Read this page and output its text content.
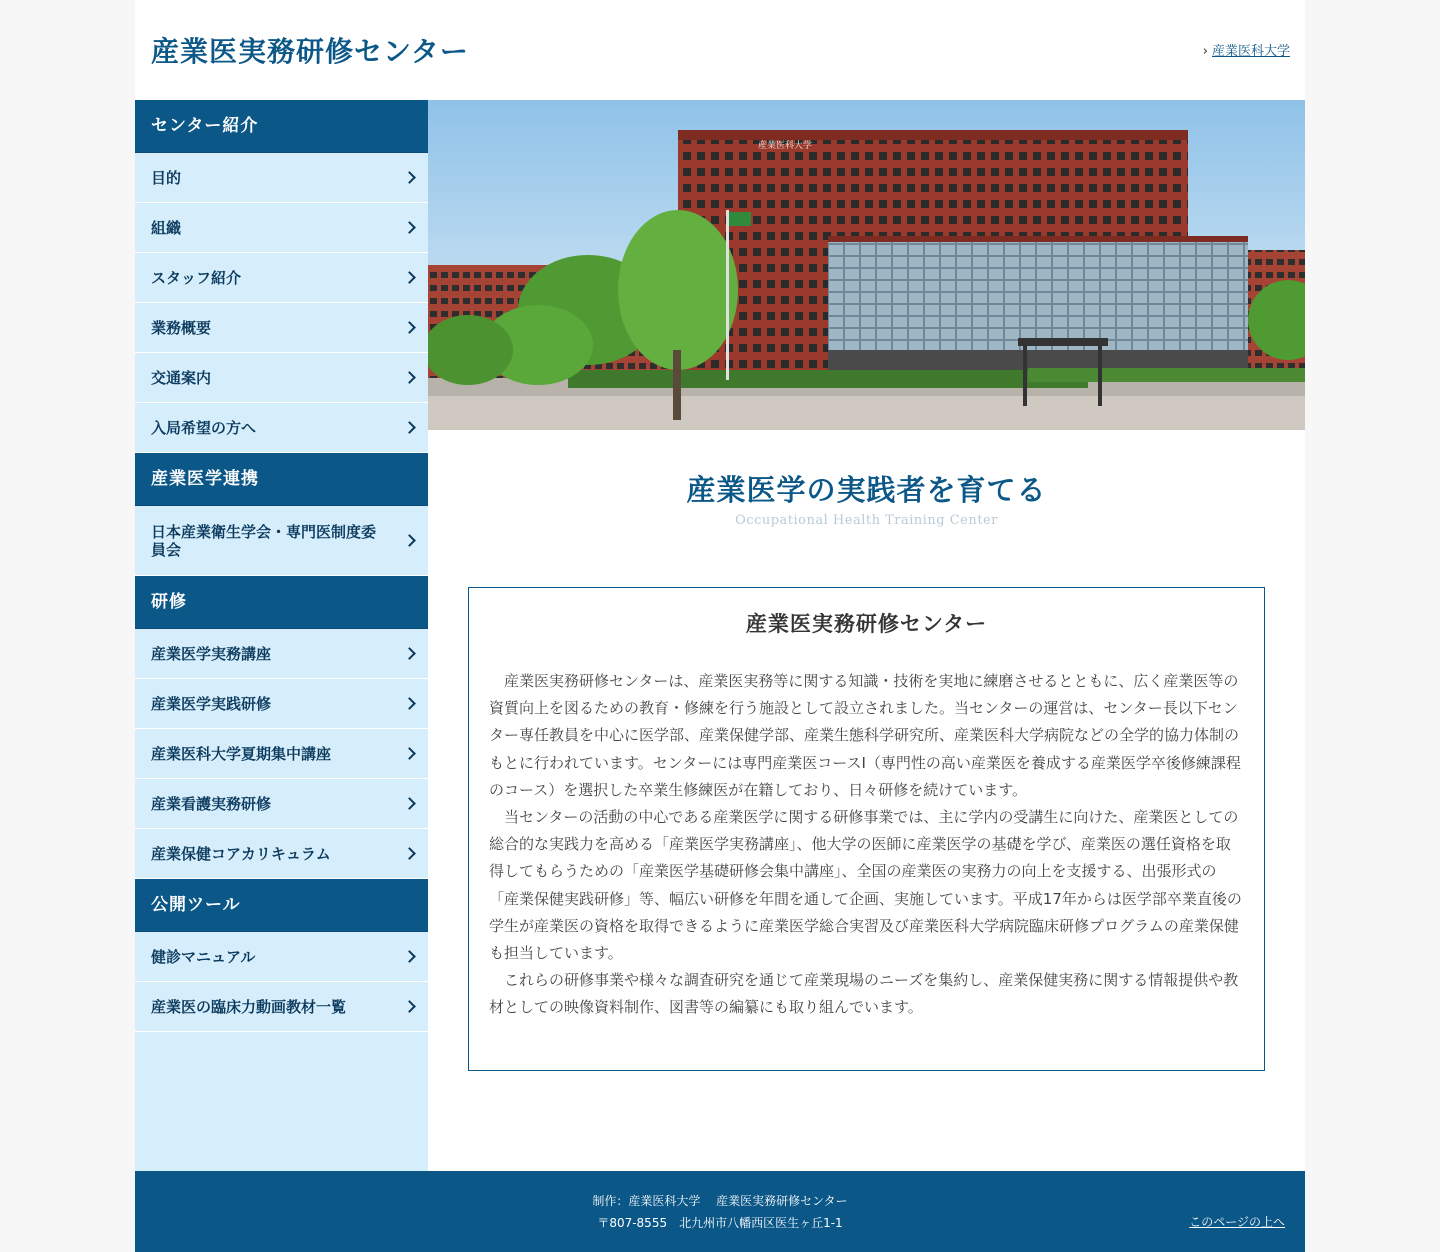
産業医実務研修センター	› 産業医科大学
センター紹介
目的
組織
スタッフ紹介
業務概要
交通案内
入局希望の方へ
産業医学連携
日本産業衛生学会・専門医制度委員会
研修
産業医学実務講座
産業医学実践研修
産業医科大学夏期集中講座
産業看護実務研修
産業保健コアカリキュラム
公開ツール
健診マニュアル
産業医の臨床力動画教材一覧
産業医科大学
産業医学の実践者を育てる
Occupational Health Training Center
産業医実務研修センター

産業医実務研修センターは、産業医実務等に関する知識・技術を実地に練磨させるとともに、広く産業医等の資質向上を図るための教育・修練を行う施設として設立されました。当センターの運営は、センター長以下センター専任教員を中心に医学部、産業保健学部、産業生態科学研究所、産業医科大学病院などの全学的協力体制のもとに行われています。センターには専門産業医コースⅠ（専門性の高い産業医を養成する産業医学卒後修練課程のコース）を選択した卒業生修練医が在籍しており、日々研修を続けています。

当センターの活動の中心である産業医学に関する研修事業では、主に学内の受講生に向けた、産業医としての総合的な実践力を高める「産業医学実務講座」、他大学の医師に産業医学の基礎を学び、産業医の選任資格を取得してもらうための「産業医学基礎研修会集中講座」、全国の産業医の実務力の向上を支援する、出張形式の「産業保健実践研修」等、幅広い研修を年間を通して企画、実施しています。平成17年からは医学部卒業直後の学生が産業医の資格を取得できるように産業医学総合実習及び産業医科大学病院臨床研修プログラムの産業保健も担当しています。

これらの研修事業や様々な調査研究を通じて産業現場のニーズを集約し、産業保健実務に関する情報提供や教材としての映像資料制作、図書等の編纂にも取り組んでいます。

制作：産業医科大学　 産業医実務研修センター
〒807-8555　北九州市八幡西区医生ヶ丘1-1	このページの上へ
